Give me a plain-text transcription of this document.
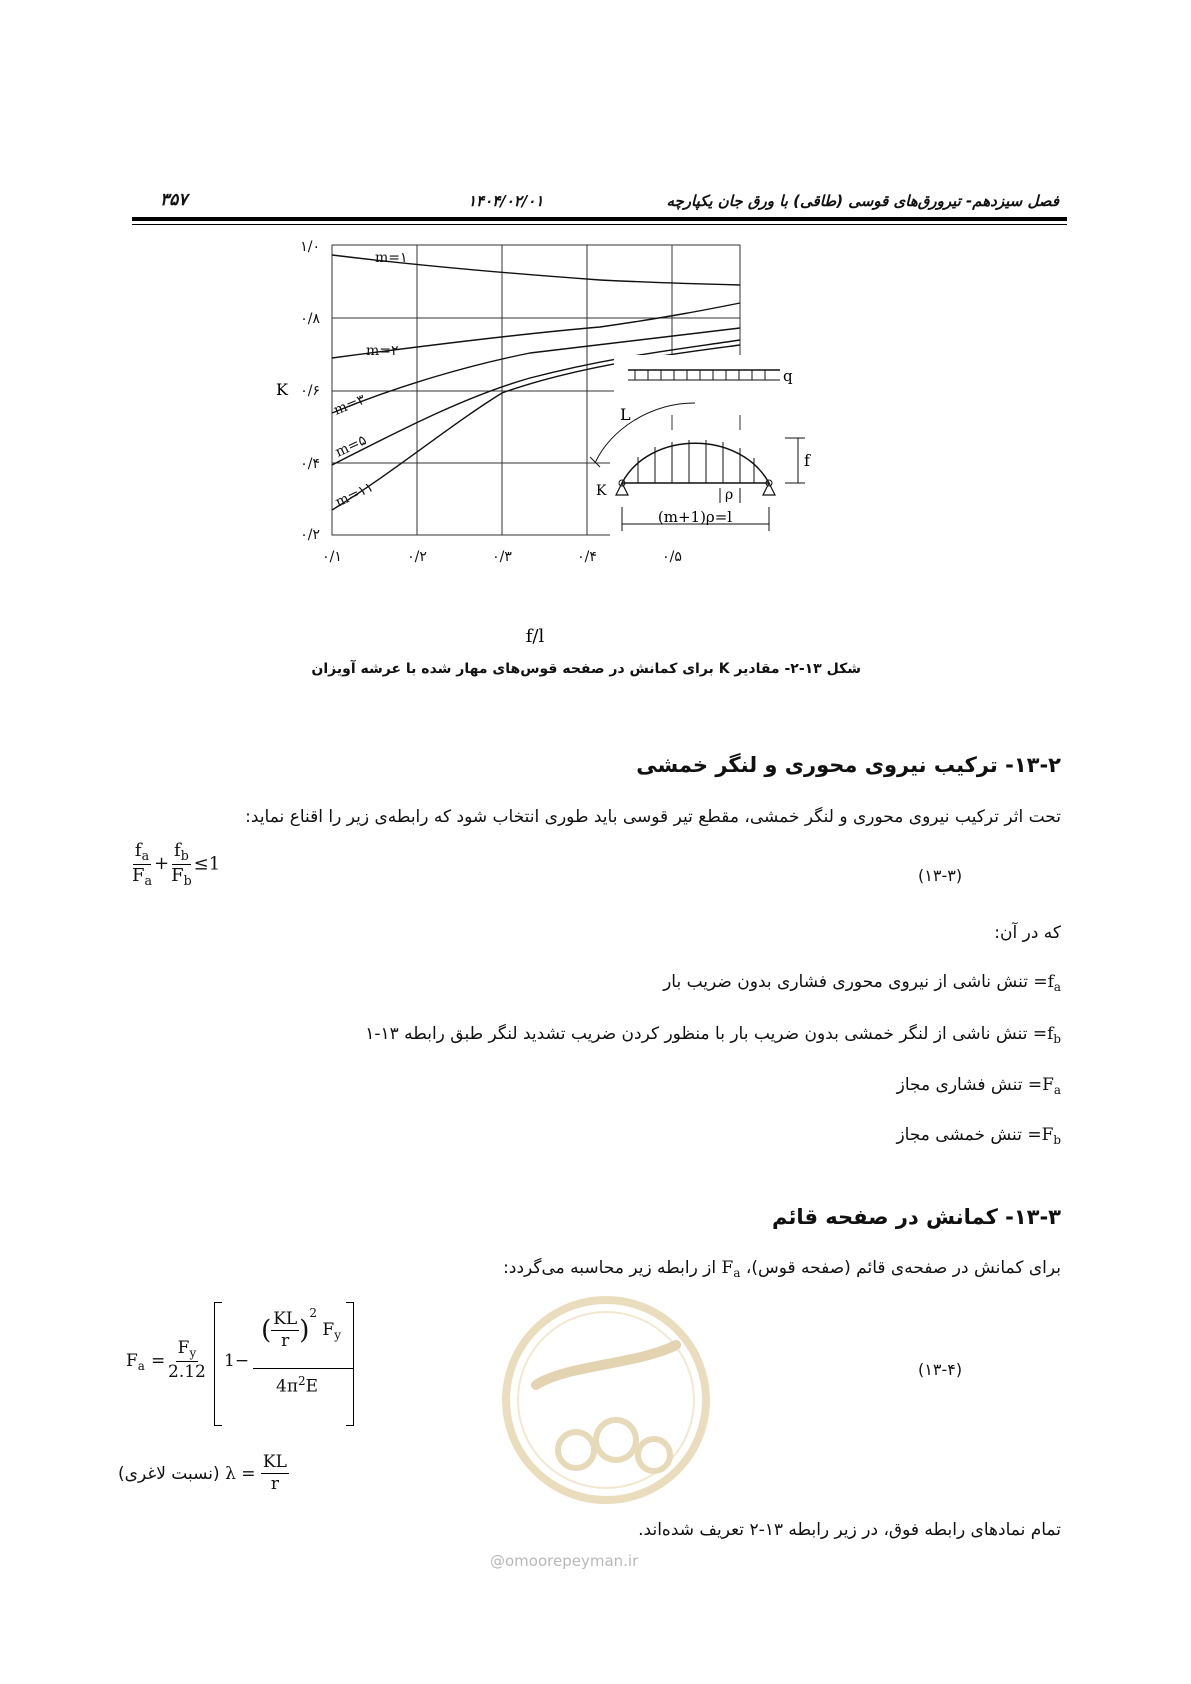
فصل سیزدهم- تیرورق‌های قوسی (طاقی) با ورق جان یکپارچه
۱۴۰۴/۰۲/۰۱
۳۵۷
m=۱
m=۲
m=۳
m=۵
m=۱۱
۱/۰
۰/۸
۰/۶
۰/۴
۰/۲
K
۰/۱	۰/۲	۰/۳	۰/۴	۰/۵
f/l
q
L
K
f
ρ
(m+1)ρ=l
شکل ۱۳-۲- مقادیر K برای کمانش در صفحه قوس‌های مهار شده با عرشه آویزان
۱۳-۲- ترکیب نیروی محوری و لنگر خمشی
تحت اثر ترکیب نیروی محوری و لنگر خمشی، مقطع تیر قوسی باید طوری انتخاب شود که رابطه‌ی زیر را اقناع نماید:
$\frac{f_a}{F_a} + \frac{f_b}{F_b} \le 1$
(۱۳-۳)
که در آن:
$f_a=$ تنش ناشی از نیروی محوری فشاری بدون ضریب بار
$f_b=$ تنش ناشی از لنگر خمشی بدون ضریب بار با منظور کردن ضریب تشدید لنگر طبق رابطه ۱۳-۱
$F_a=$ تنش فشاری مجاز
$F_b=$ تنش خمشی مجاز
۱۳-۳- کمانش در صفحه قائم
برای کمانش در صفحه‌ی قائم (صفحه قوس)، $F_a$ از رابطه زیر محاسبه می‌گردد:
$F_a = \frac{F_y}{2.12} 1-$
( $\frac{KL}{r} )^2$ $F_y$
$4\pi^2E$
(۱۳-۴)
(نسبت لاغری) $\lambda = \frac{KL}{r}$
@omoorepeyman.ir
تمام نمادهای رابطه فوق، در زیر رابطه ۱۳-۲ تعریف شده‌اند.
